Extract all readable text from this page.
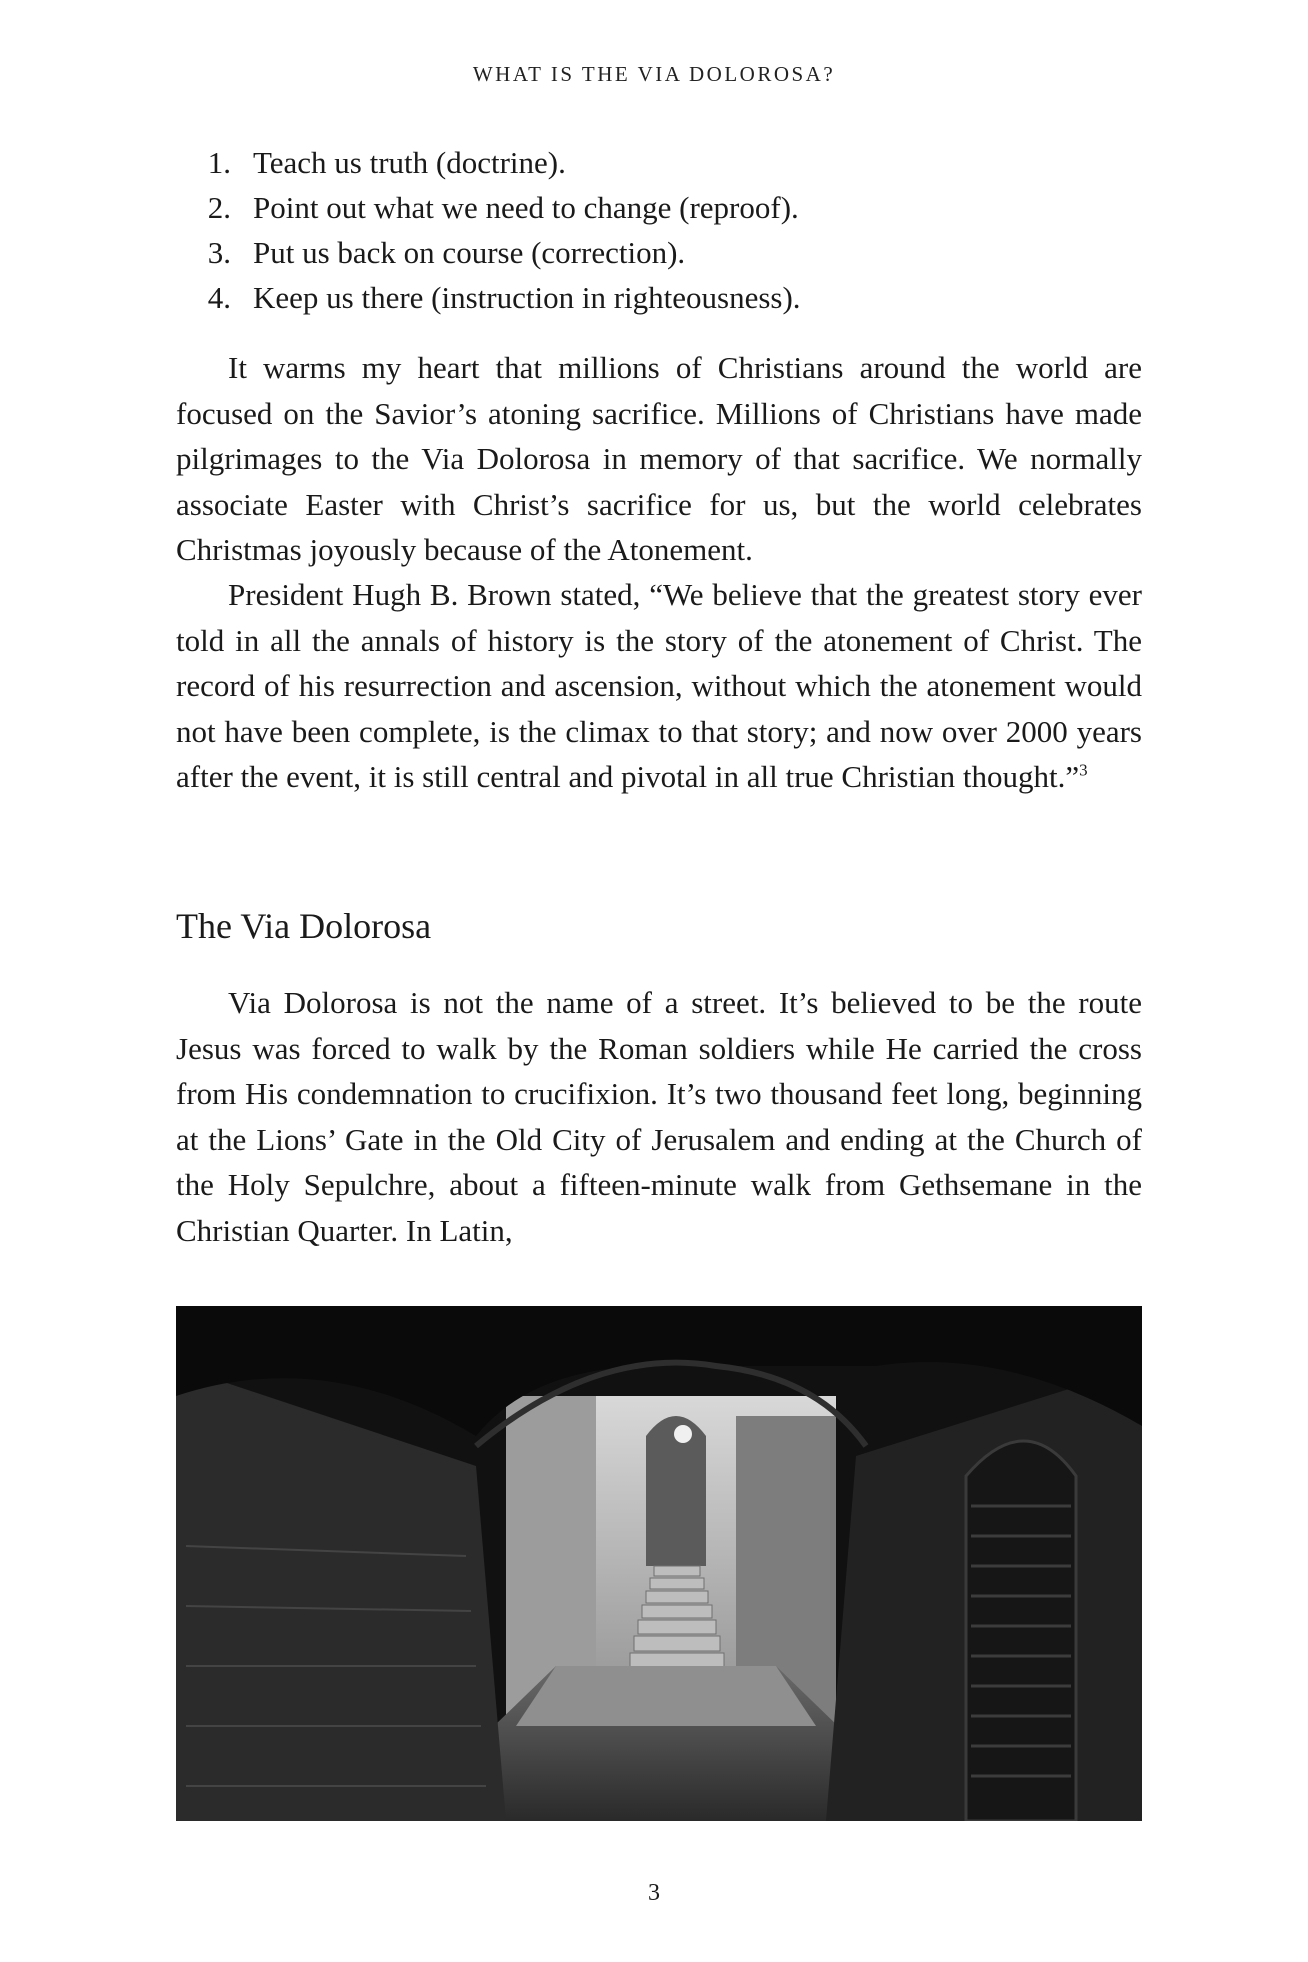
WHAT IS THE VIA DOLOROSA?
1. Teach us truth (doctrine).
2. Point out what we need to change (reproof).
3. Put us back on course (correction).
4. Keep us there (instruction in righteousness).

It warms my heart that millions of Christians around the world are focused on the Savior’s atoning sacrifice. Millions of Christians have made pilgrimages to the Via Dolorosa in memory of that sacrifice. We normally associate Easter with Christ’s sacrifice for us, but the world celebrates Christmas joyously because of the Atonement.

President Hugh B. Brown stated, “We believe that the greatest story ever told in all the annals of history is the story of the atonement of Christ. The record of his resurrection and ascension, without which the atonement would not have been complete, is the climax to that story; and now over 2000 years after the event, it is still central and pivotal in all true Christian thought.”$^3$

The Via Dolorosa

Via Dolorosa is not the name of a street. It’s believed to be the route Jesus was forced to walk by the Roman soldiers while He carried the cross from His condemnation to crucifixion. It’s two thousand feet long, beginning at the Lions’ Gate in the Old City of Jerusalem and ending at the Church of the Holy Sepulchre, about a fifteen-minute walk from Gethsemane in the Christian Quarter. In Latin,

3
